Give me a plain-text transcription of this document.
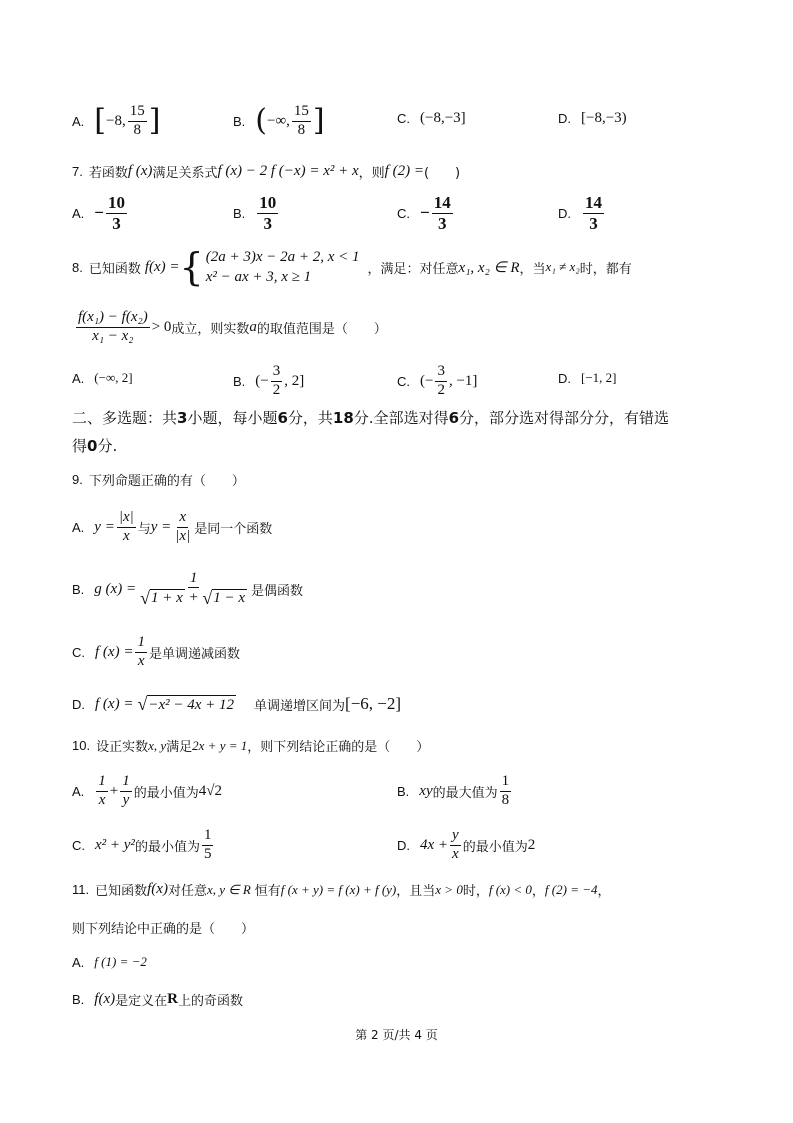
A. [ −8, $\frac{15}{8}$ ]	B. ( −∞, $\frac{15}{8}$ ]	C. (−8,−3]	D. [−8,−3)
7. 若函数 f (x) 满足关系式 f (x) − 2 f (−x) = x² + x ，则 f (2) = (　　)
A. − $\frac{10}{3}$	B. $\frac{10}{3}$	C. − $\frac{14}{3}$	D. $\frac{14}{3}$
8. 已知函数 f(x) = { (2a + 3)x − 2a + 2, x < 1
x² − ax + 3, x ≥ 1	，满足：对任意 x₁, x₂ ∈ R ，当 x₁ ≠ x₂ 时，都有
$\frac{\text{f(x₁) − f(x₂)}}{\text{x₁ − x₂}} > 0$ 成立，则实数 a 的取值范围是（　　）
A. (−∞, 2]	B. (− $\frac{3}{2}$ , 2]	C. (− $\frac{3}{2}$ , −1]	D. [−1, 2]
二、多选题：共3小题，每小题6分，共18分.全部选对得6分，部分选对得部分分，有错选
得0分.
9. 下列命题正确的有（　　）
A. $y = \frac{|x|}{x}$ 与 $y = \frac{x}{|x|}$ 是同一个函数
B. g $(x) = \frac{1}{√ 1 + x + √ 1 - x}$ 是偶函数
C. f $(x) = \frac{1}{x}$ 是单调递减函数
D. f (x) = √ −x² − 4x + 12 单调递增区间为 [−6, −2]
10. 设正实数 x, y 满足 2x + y = 1 ，则下列结论正确的是（　　）
A. $\frac{1}{x} + \frac{1}{y}$ 的最小值为 4√2	B. xy 的最大值为 $\frac{1}{8}$
C. x² + y² 的最小值为 $\frac{1}{5}$	D. $4x + \frac{y}{x}$ 的最小值为 2
11. 已知函数 f(x) 对任意 x, y ∈ R 恒有 f (x + y) = f (x) + f (y) ，且当 x > 0 时， f (x) < 0 ， f (2) = −4 ，
则下列结论中正确的是（　　）
A. f (1) = −2
B. f(x) 是定义在 R 上的奇函数
第 2 页/共 4 页
